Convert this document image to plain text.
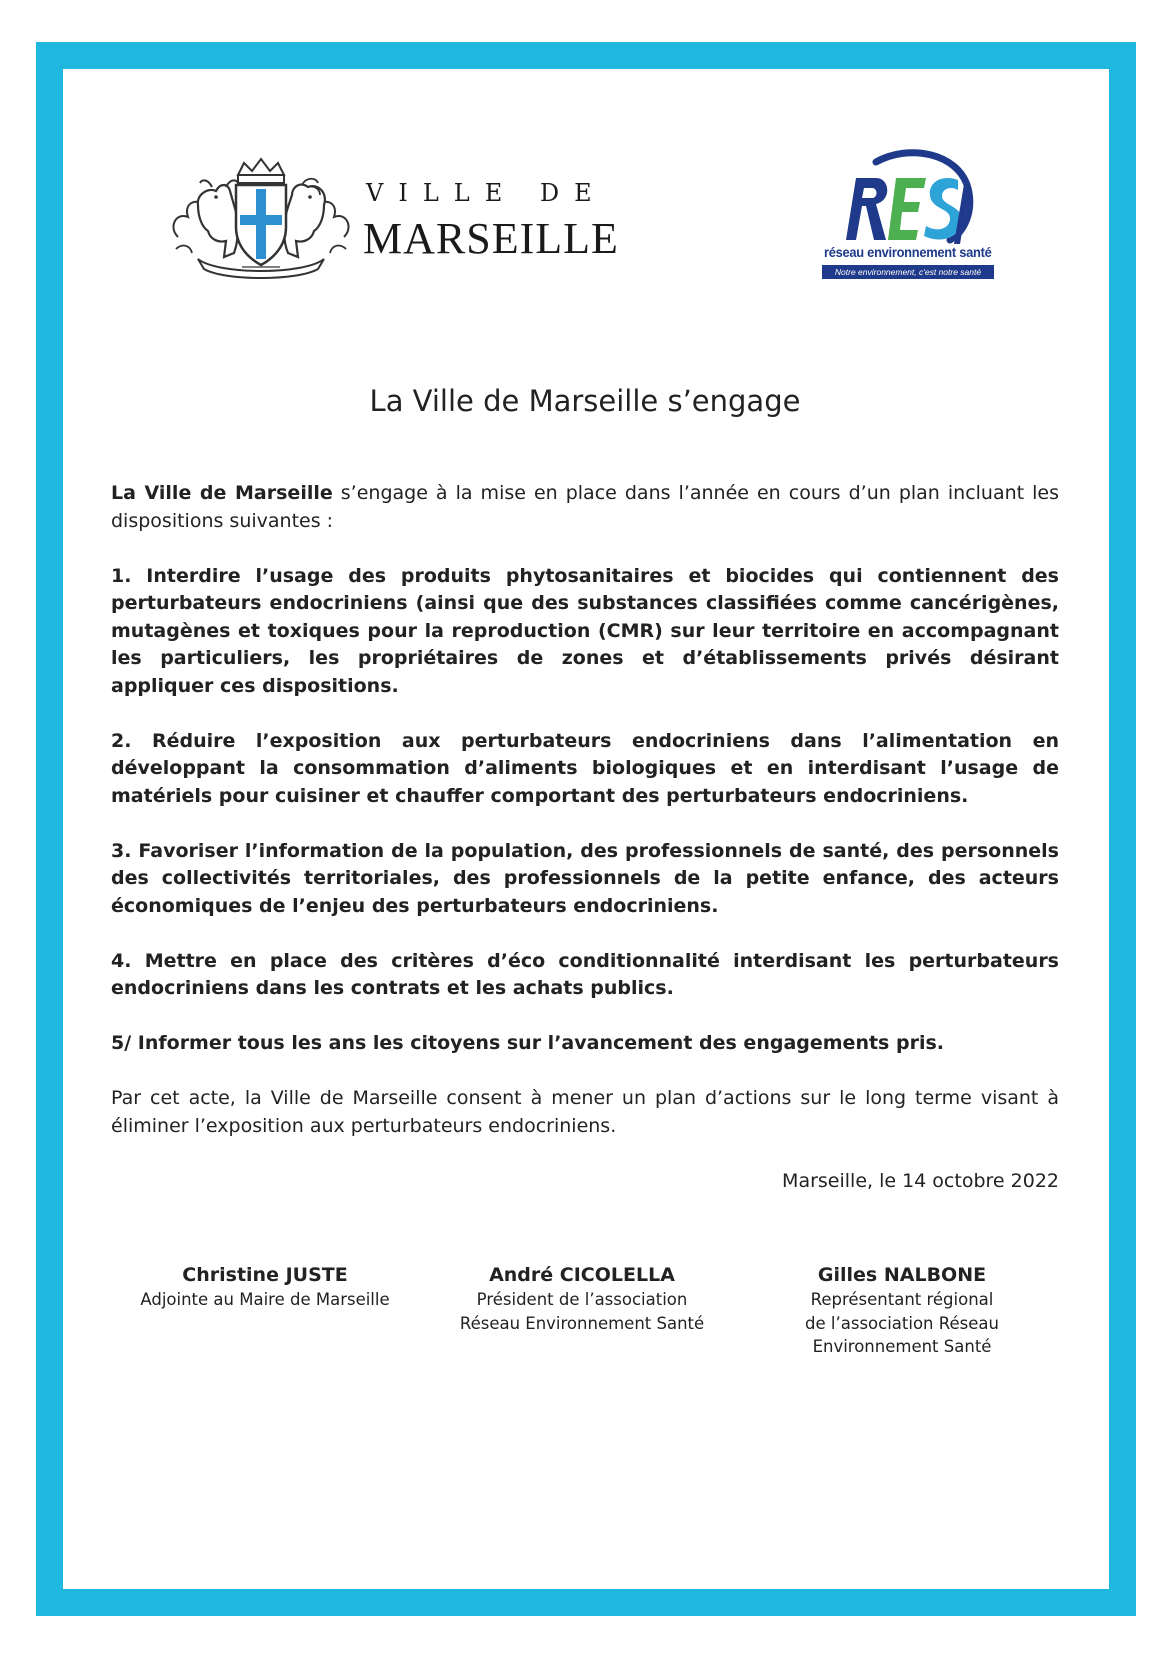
VILLE DE
MARSEILLE	réseau environnement santé
Notre environnement, c'est notre santé
La Ville de Marseille s’engage

La Ville de Marseille s’engage à la mise en place dans l’année en cours d’un plan incluant les dispositions suivantes :

1. Interdire l’usage des produits phytosanitaires et biocides qui contiennent des perturbateurs endocriniens (ainsi que des substances classifiées comme cancérigènes, mutagènes et toxiques pour la reproduction (CMR) sur leur territoire en accompagnant les particuliers, les propriétaires de zones et d’établissements privés désirant appliquer ces dispositions.

2. Réduire l’exposition aux perturbateurs endocriniens dans l’alimentation en développant la consommation d’aliments biologiques et en interdisant l’usage de matériels pour cuisiner et chauffer comportant des perturbateurs endocriniens.

3. Favoriser l’information de la population, des professionnels de santé, des personnels des collectivités territoriales, des professionnels de la petite enfance, des acteurs économiques de l’enjeu des perturbateurs endocriniens.

4. Mettre en place des critères d’éco conditionnalité interdisant les perturbateurs endocriniens dans les contrats et les achats publics.

5/ Informer tous les ans les citoyens sur l’avancement des engagements pris.

Par cet acte, la Ville de Marseille consent à mener un plan d’actions sur le long terme visant à éliminer l’exposition aux perturbateurs endocriniens.

Marseille, le 14 octobre 2022
Christine JUSTE
Adjointe au Maire de Marseille
André CICOLELLA
Président de l’association
Réseau Environnement Santé
Gilles NALBONE
Représentant régional
de l’association Réseau
Environnement Santé
